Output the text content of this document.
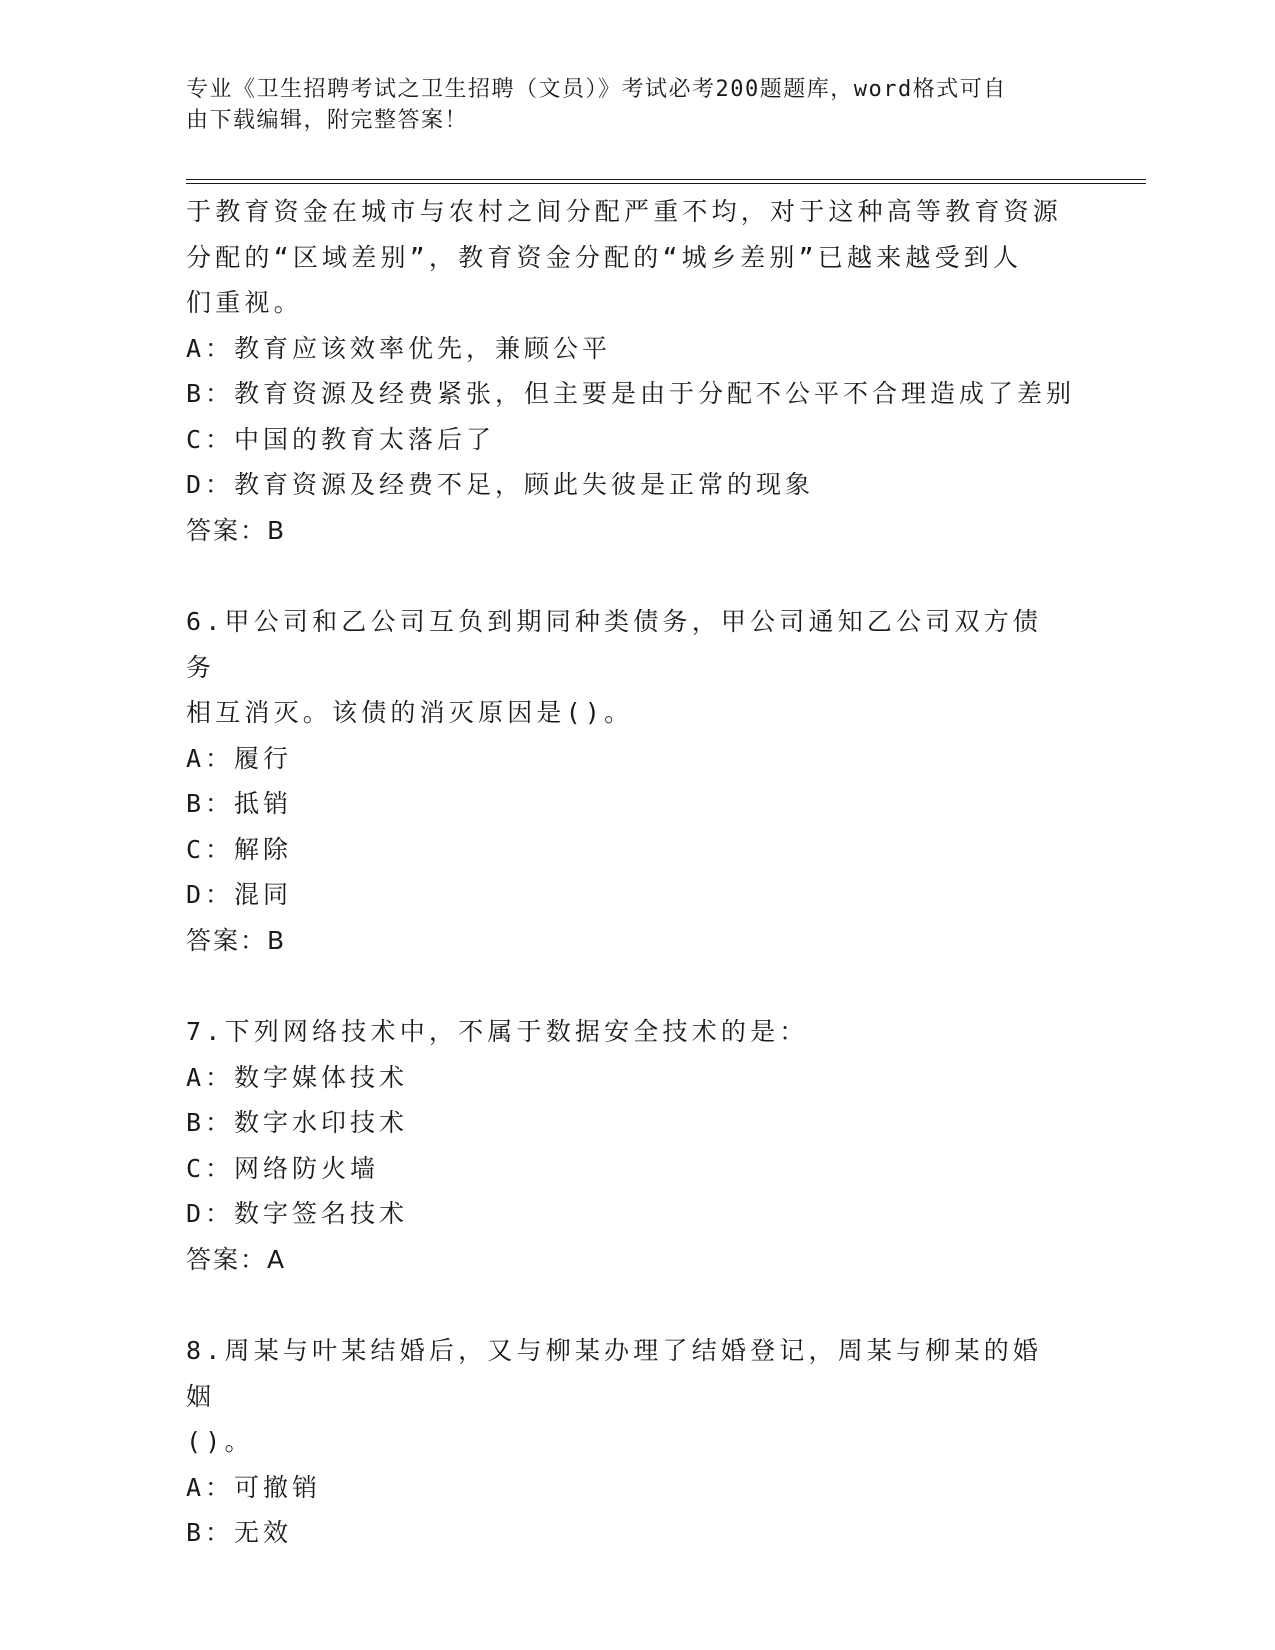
专业《卫生招聘考试之卫生招聘（文员）》考试必考200题题库，word格式可自
由下载编辑，附完整答案！
于教育资金在城市与农村之间分配严重不均，对于这种高等教育资源
分配的“区域差别”，教育资金分配的“城乡差别”已越来越受到人
们重视。
A：教育应该效率优先，兼顾公平
B：教育资源及经费紧张，但主要是由于分配不公平不合理造成了差别
C：中国的教育太落后了
D：教育资源及经费不足，顾此失彼是正常的现象
答案：B
6.甲公司和乙公司互负到期同种类债务，甲公司通知乙公司双方债务
相互消灭。该债的消灭原因是()。
A：履行
B：抵销
C：解除
D：混同
答案：B
7.下列网络技术中，不属于数据安全技术的是：
A：数字媒体技术
B：数字水印技术
C：网络防火墙
D：数字签名技术
答案：A
8.周某与叶某结婚后，又与柳某办理了结婚登记，周某与柳某的婚姻
()。
A：可撤销
B：无效
